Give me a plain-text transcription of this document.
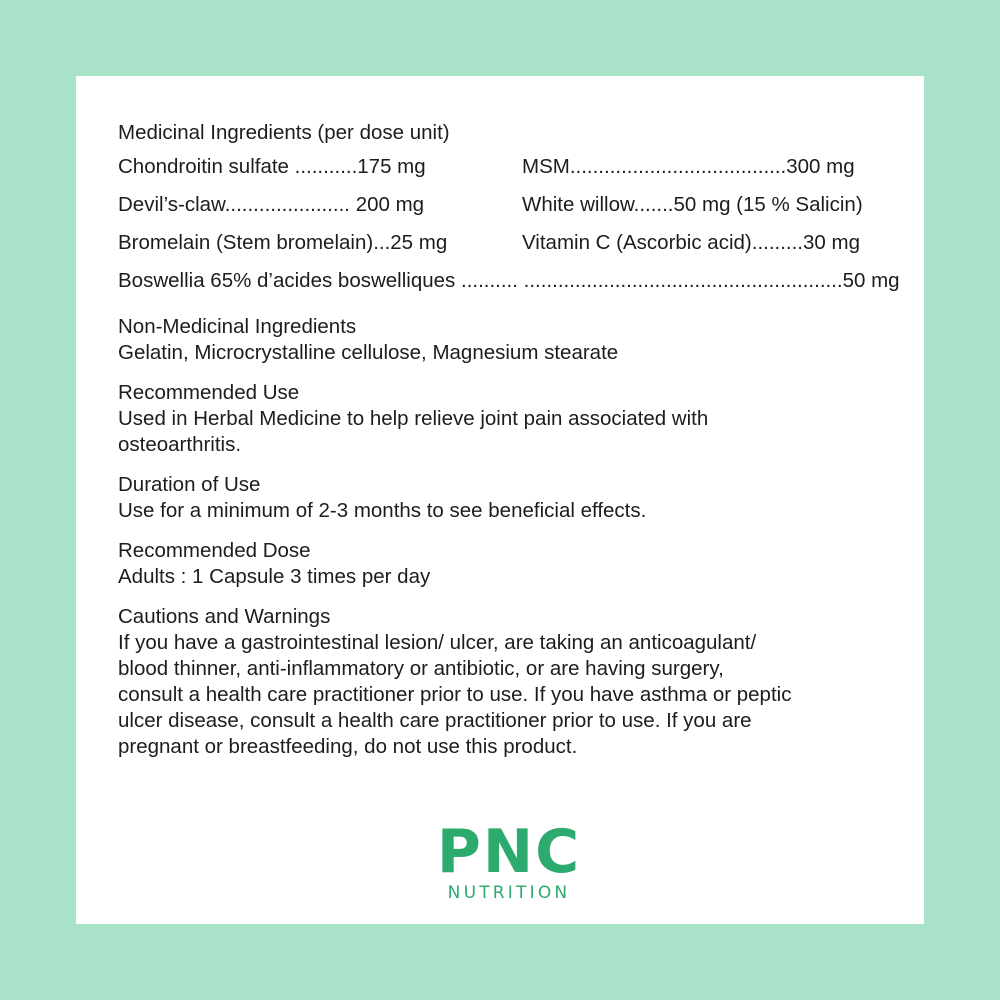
Medicinal Ingredients (per dose unit)
Chondroitin sulfate ...........175 mg	MSM......................................300 mg
Devil’s-claw...................... 200 mg	White willow.......50 mg (15 % Salicin)
Bromelain (Stem bromelain)...25 mg	Vitamin C (Ascorbic acid).........30 mg
Boswellia 65% d’acides boswelliques .......... ........................................................50 mg

Non-Medicinal Ingredients

Gelatin, Microcrystalline cellulose, Magnesium stearate

Recommended Use

Used in Herbal Medicine to help relieve joint pain associated with

osteoarthritis.

Duration of Use

Use for a minimum of 2-3 months to see beneficial effects.

Recommended Dose

Adults : 1 Capsule 3 times per day

Cautions and Warnings

If you have a gastrointestinal lesion/ ulcer, are taking an anticoagulant/

blood thinner, anti-inflammatory or antibiotic, or are having surgery,

consult a health care practitioner prior to use. If you have asthma or peptic

ulcer disease, consult a health care practitioner prior to use. If you are

pregnant or breastfeeding, do not use this product.

PNC
NUTRITION
